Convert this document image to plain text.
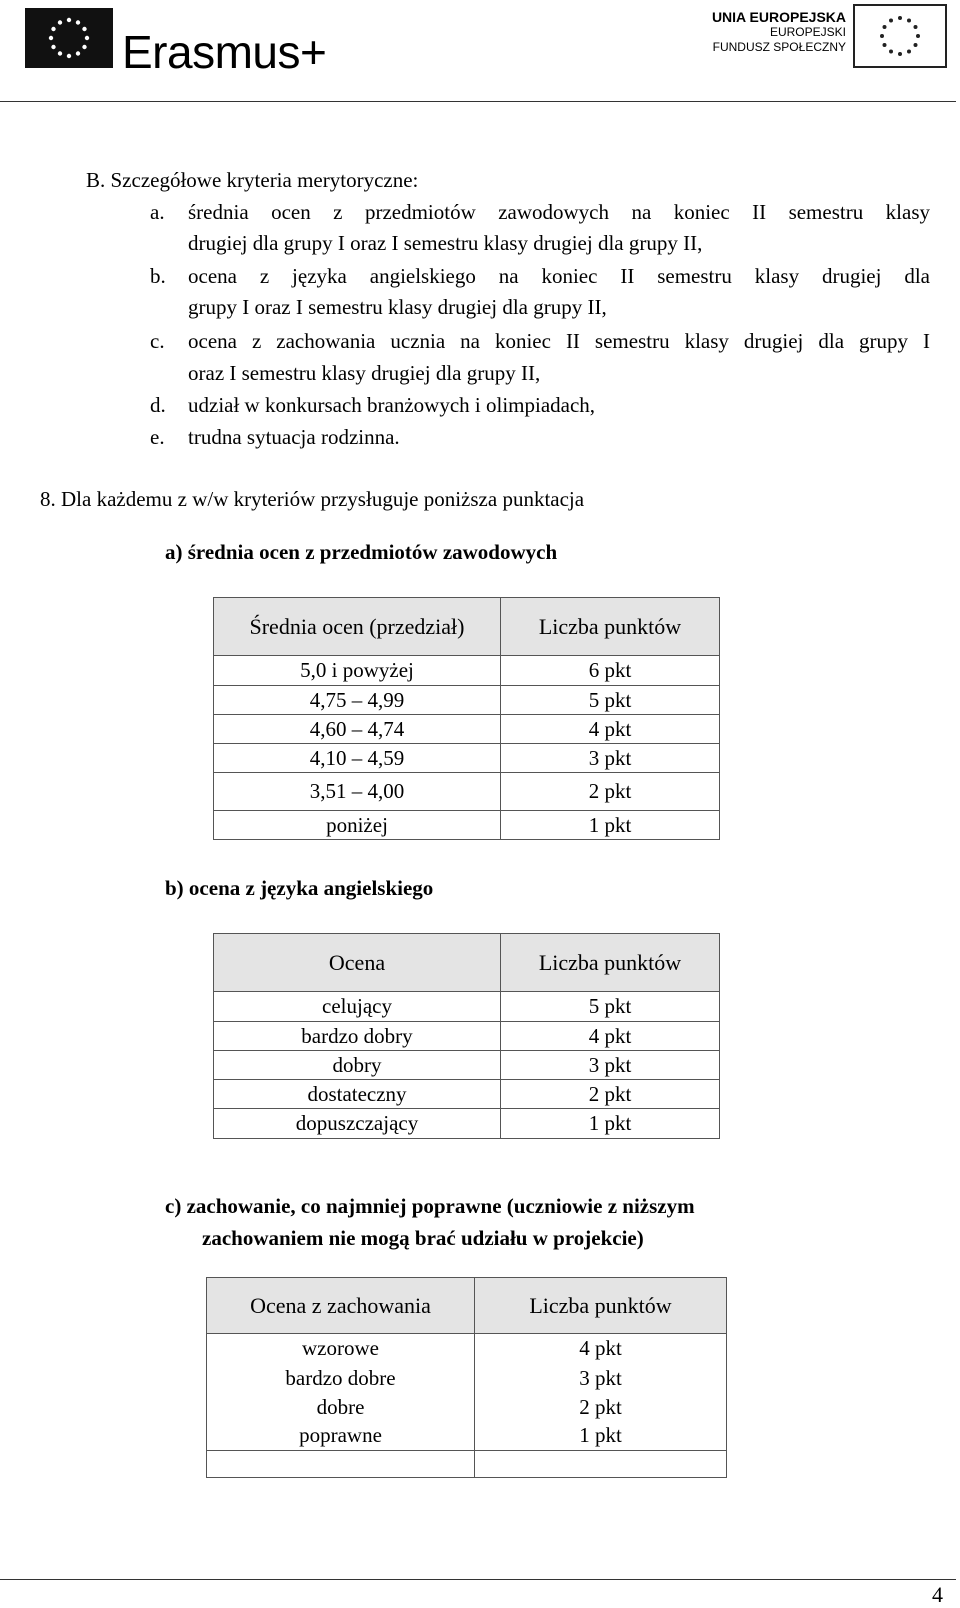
Erasmus+
UNIA EUROPEJSKA
EUROPEJSKI
FUNDUSZ SPOŁECZNY
B. Szczegółowe kryteria merytoryczne:
a. średnia ocen z przedmiotów zawodowych na koniec II semestru klasy
drugiej dla grupy I oraz I semestru klasy drugiej dla grupy II,
b. ocena z języka angielskiego na koniec II semestru klasy drugiej dla
grupy I oraz I semestru klasy drugiej dla grupy II,
c. ocena z zachowania ucznia na koniec II semestru klasy drugiej dla grupy I
oraz I semestru klasy drugiej dla grupy II,
d. udział w konkursach branżowych i olimpiadach,
e. trudna sytuacja rodzinna.
8. Dla każdemu z w/w kryteriów przysługuje poniższa punktacja
a) średnia ocen z przedmiotów zawodowych
Średnia ocen (przedział)	Liczba punktów
5,0 i powyżej	6 pkt
4,75 – 4,99	5 pkt
4,60 – 4,74	4 pkt
4,10 – 4,59	3 pkt
3,51 – 4,00	2 pkt
poniżej	1 pkt
b) ocena z języka angielskiego
Ocena	Liczba punktów
celujący	5 pkt
bardzo dobry	4 pkt
dobry	3 pkt
dostateczny	2 pkt
dopuszczający	1 pkt
c) zachowanie, co najmniej poprawne (uczniowie z niższym
zachowaniem nie mogą brać udziału w projekcie)
Ocena z zachowania	Liczba punktów
wzorowe	4 pkt
bardzo dobre	3 pkt
dobre	2 pkt
poprawne	1 pkt

4
